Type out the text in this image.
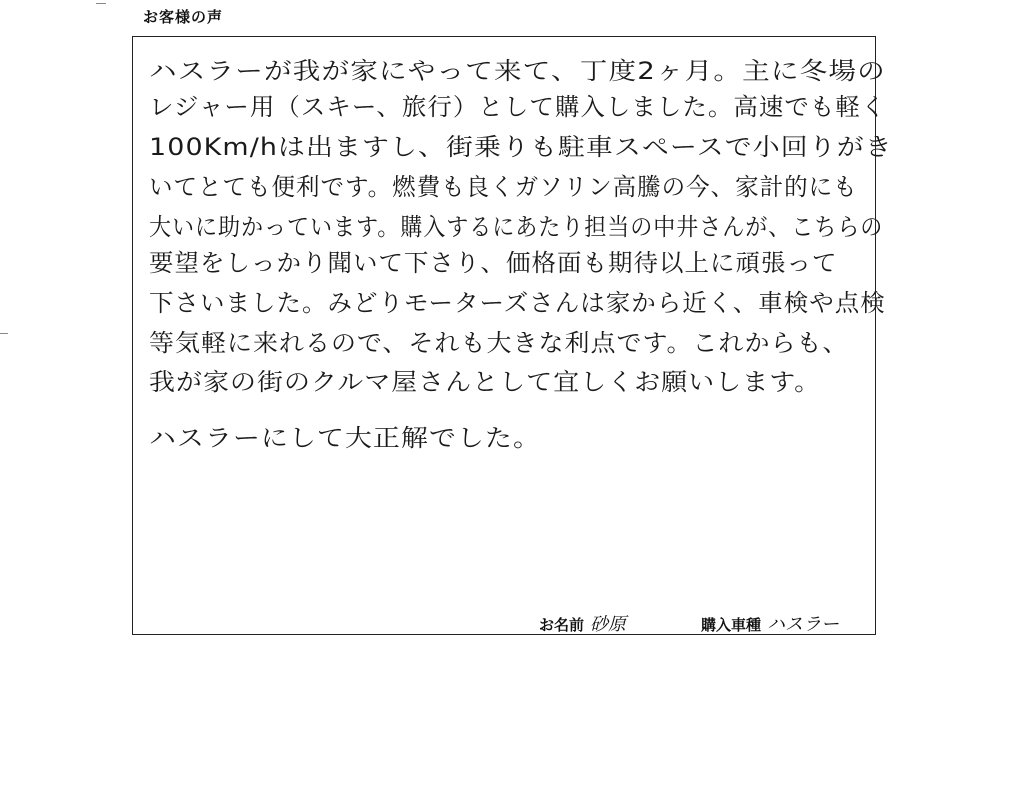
お客様の声
ハスラーが我が家にやって来て、丁度2ヶ月。主に冬場の
レジャー用（スキー、旅行）として購入しました。高速でも軽く
100Km/hは出ますし、街乗りも駐車スペースで小回りがき
いてとても便利です。燃費も良くガソリン高騰の今、家計的にも
大いに助かっています。購入するにあたり担当の中井さんが、こちらの
要望をしっかり聞いて下さり、価格面も期待以上に頑張って
下さいました。みどりモーターズさんは家から近く、車検や点検
等気軽に来れるので、それも大きな利点です。これからも、
我が家の街のクルマ屋さんとして宜しくお願いします。
ハスラーにして大正解でした。
お名前 砂原	購入車種 ハスラー
